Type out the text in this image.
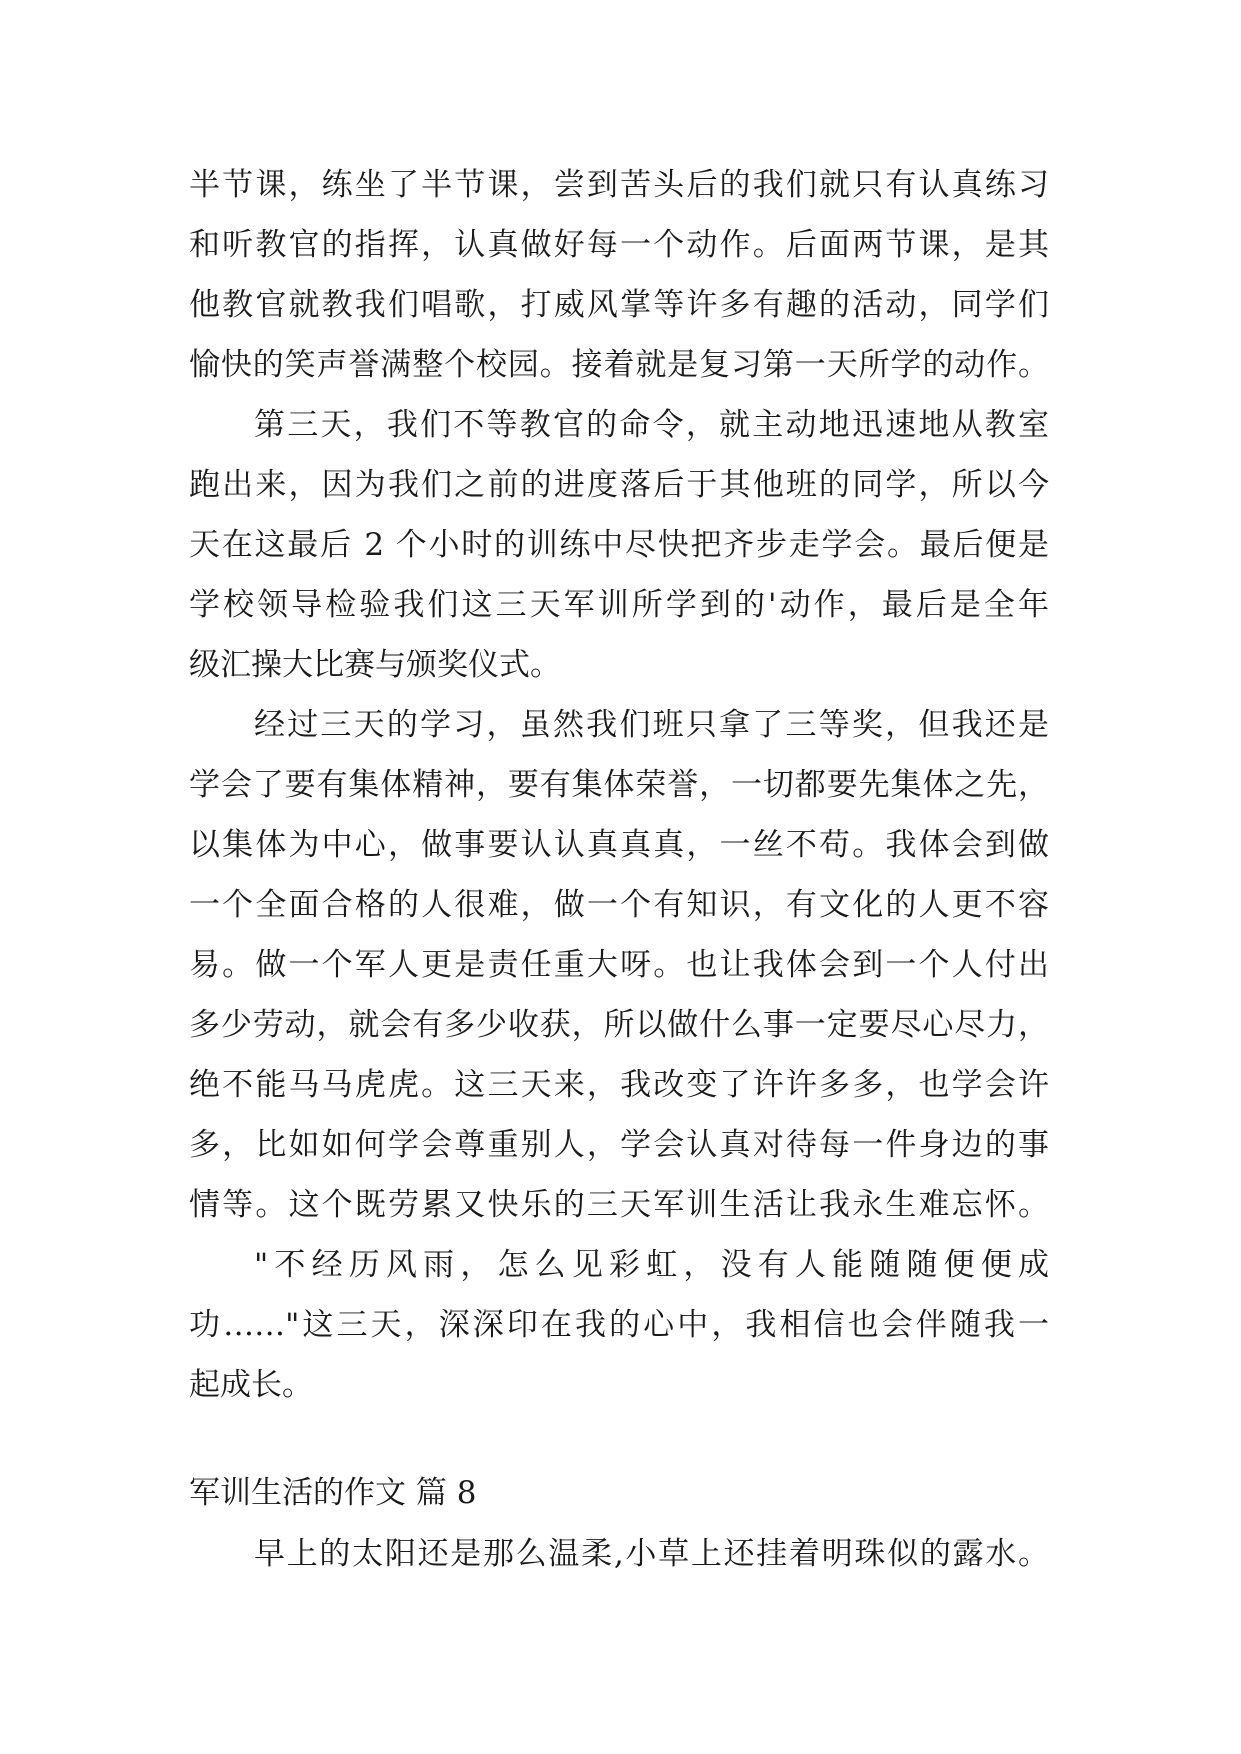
半节课，练坐了半节课，尝到苦头后的我们就只有认真练习
和听教官的指挥，认真做好每一个动作。后面两节课，是其
他教官就教我们唱歌，打威风掌等许多有趣的活动，同学们
愉快的笑声誉满整个校园。接着就是复习第一天所学的动作。
第三天，我们不等教官的命令，就主动地迅速地从教室
跑出来，因为我们之前的进度落后于其他班的同学，所以今
天在这最后 2 个小时的训练中尽快把齐步走学会。最后便是
学校领导检验我们这三天军训所学到的'动作，最后是全年
级汇操大比赛与颁奖仪式。
经过三天的学习，虽然我们班只拿了三等奖，但我还是
学会了要有集体精神，要有集体荣誉，一切都要先集体之先，
以集体为中心，做事要认认真真真，一丝不苟。我体会到做
一个全面合格的人很难，做一个有知识，有文化的人更不容
易。做一个军人更是责任重大呀。也让我体会到一个人付出
多少劳动，就会有多少收获，所以做什么事一定要尽心尽力，
绝不能马马虎虎。这三天来，我改变了许许多多，也学会许
多，比如如何学会尊重别人，学会认真对待每一件身边的事
情等。这个既劳累又快乐的三天军训生活让我永生难忘怀。
"不经历风雨，怎么见彩虹，没有人能随随便便成
功……"这三天，深深印在我的心中，我相信也会伴随我一
起成长。
军训生活的作文 篇 8
早上的太阳还是那么温柔,小草上还挂着明珠似的露水。
